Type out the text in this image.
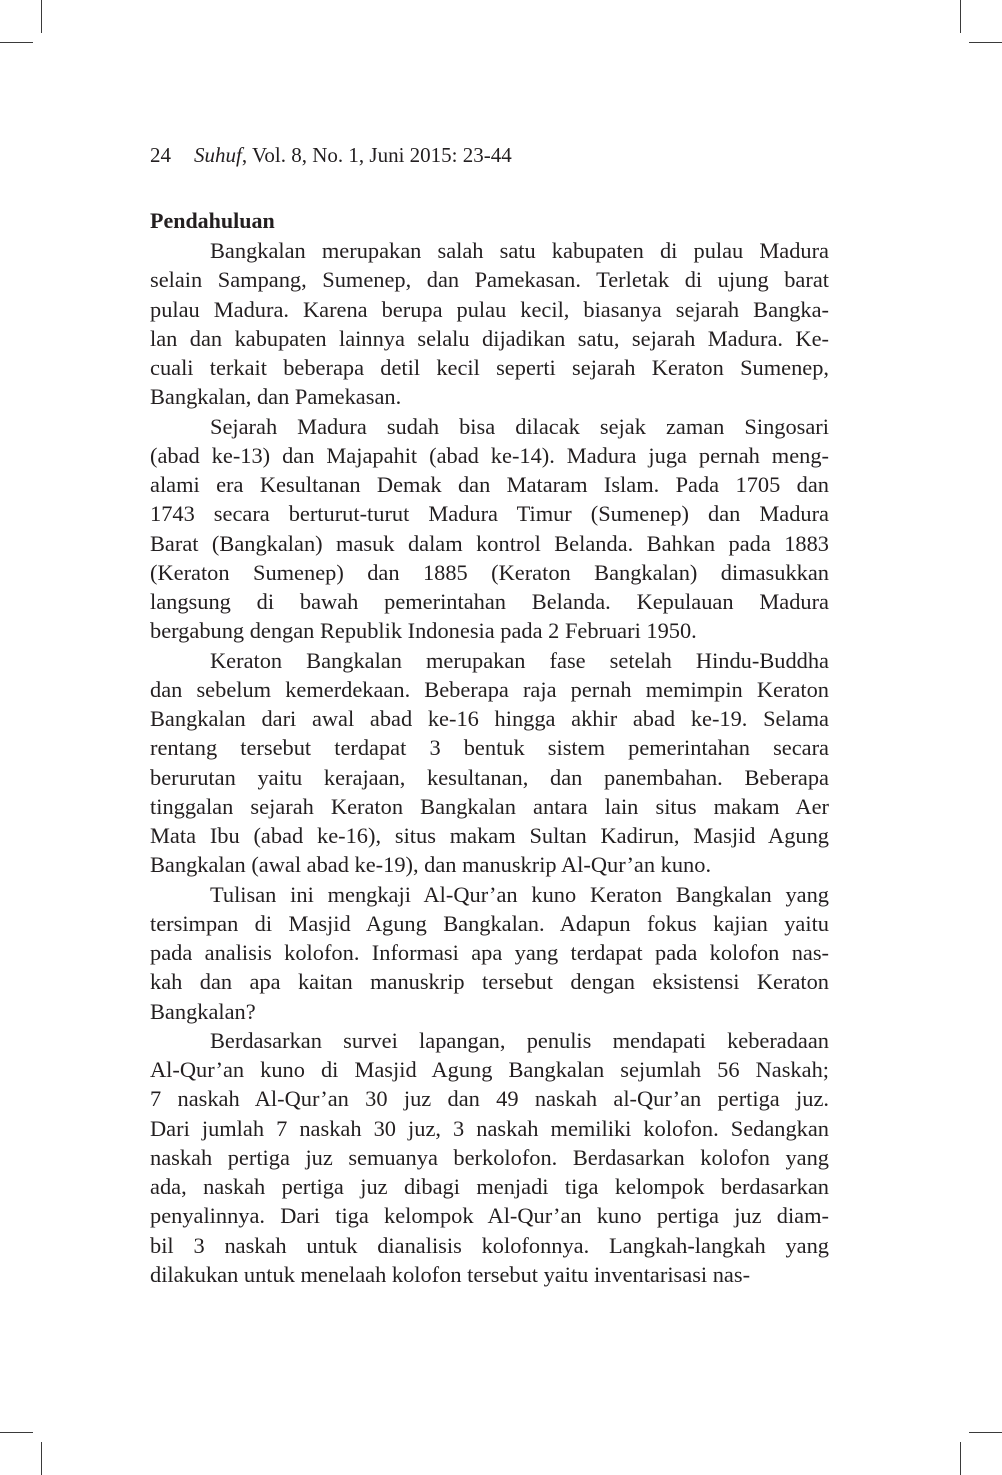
24 Suhuf, Vol. 8, No. 1, Juni 2015: 23-44
Pendahuluan

Bangkalan merupakan salah satu kabupaten di pulau Madura
selain Sampang, Sumenep, dan Pamekasan. Terletak di ujung barat
pulau Madura. Karena berupa pulau kecil, biasanya sejarah Bangka-
lan dan kabupaten lainnya selalu dijadikan satu, sejarah Madura. Ke-
cuali terkait beberapa detil kecil seperti sejarah Keraton Sumenep,
Bangkalan, dan Pamekasan.

Sejarah Madura sudah bisa dilacak sejak zaman Singosari
(abad ke-13) dan Majapahit (abad ke-14). Madura juga pernah meng-
alami era Kesultanan Demak dan Mataram Islam. Pada 1705 dan
1743 secara berturut-turut Madura Timur (Sumenep) dan Madura
Barat (Bangkalan) masuk dalam kontrol Belanda. Bahkan pada 1883
(Keraton Sumenep) dan 1885 (Keraton Bangkalan) dimasukkan
langsung di bawah pemerintahan Belanda. Kepulauan Madura
bergabung dengan Republik Indonesia pada 2 Februari 1950.

Keraton Bangkalan merupakan fase setelah Hindu-Buddha
dan sebelum kemerdekaan. Beberapa raja pernah memimpin Keraton
Bangkalan dari awal abad ke-16 hingga akhir abad ke-19. Selama
rentang tersebut terdapat 3 bentuk sistem pemerintahan secara
berurutan yaitu kerajaan, kesultanan, dan panembahan. Beberapa
tinggalan sejarah Keraton Bangkalan antara lain situs makam Aer
Mata Ibu (abad ke-16), situs makam Sultan Kadirun, Masjid Agung
Bangkalan (awal abad ke-19), dan manuskrip Al-Qur’an kuno.

Tulisan ini mengkaji Al-Qur’an kuno Keraton Bangkalan yang
tersimpan di Masjid Agung Bangkalan. Adapun fokus kajian yaitu
pada analisis kolofon. Informasi apa yang terdapat pada kolofon nas-
kah dan apa kaitan manuskrip tersebut dengan eksistensi Keraton
Bangkalan?

Berdasarkan survei lapangan, penulis mendapati keberadaan
Al-Qur’an kuno di Masjid Agung Bangkalan sejumlah 56 Naskah;
7 naskah Al-Qur’an 30 juz dan 49 naskah al-Qur’an pertiga juz.
Dari jumlah 7 naskah 30 juz, 3 naskah memiliki kolofon. Sedangkan
naskah pertiga juz semuanya berkolofon. Berdasarkan kolofon yang
ada, naskah pertiga juz dibagi menjadi tiga kelompok berdasarkan
penyalinnya. Dari tiga kelompok Al-Qur’an kuno pertiga juz diam-
bil 3 naskah untuk dianalisis kolofonnya. Langkah-langkah yang
dilakukan untuk menelaah kolofon tersebut yaitu inventarisasi nas-
